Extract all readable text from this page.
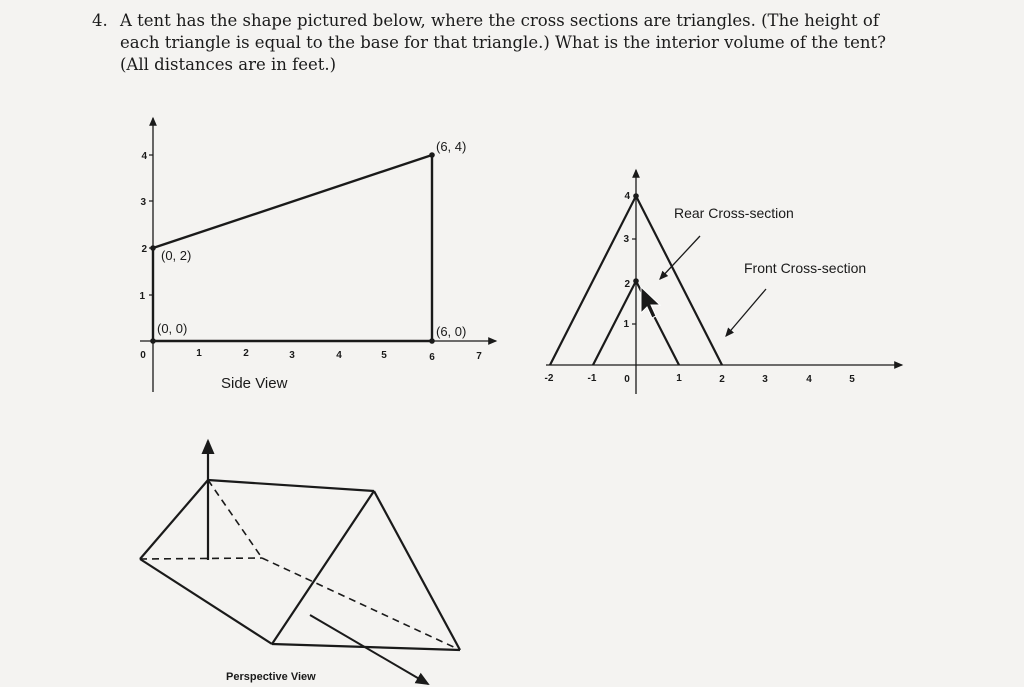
4. A tent has the shape pictured below, where the cross sections are triangles. (The height of
each triangle is equal to the base for that triangle.) What is the interior volume of the tent?
(All distances are in feet.)
0	1	2	3	4	5	6	7
1
2
3
4
(0, 0)
(0, 2)
(6, 4)
(6, 0)
Side View	-2	-1	0	1	2	3	4	5
1
2
3
4
Rear Cross-section
Front Cross-section
Perspective View
